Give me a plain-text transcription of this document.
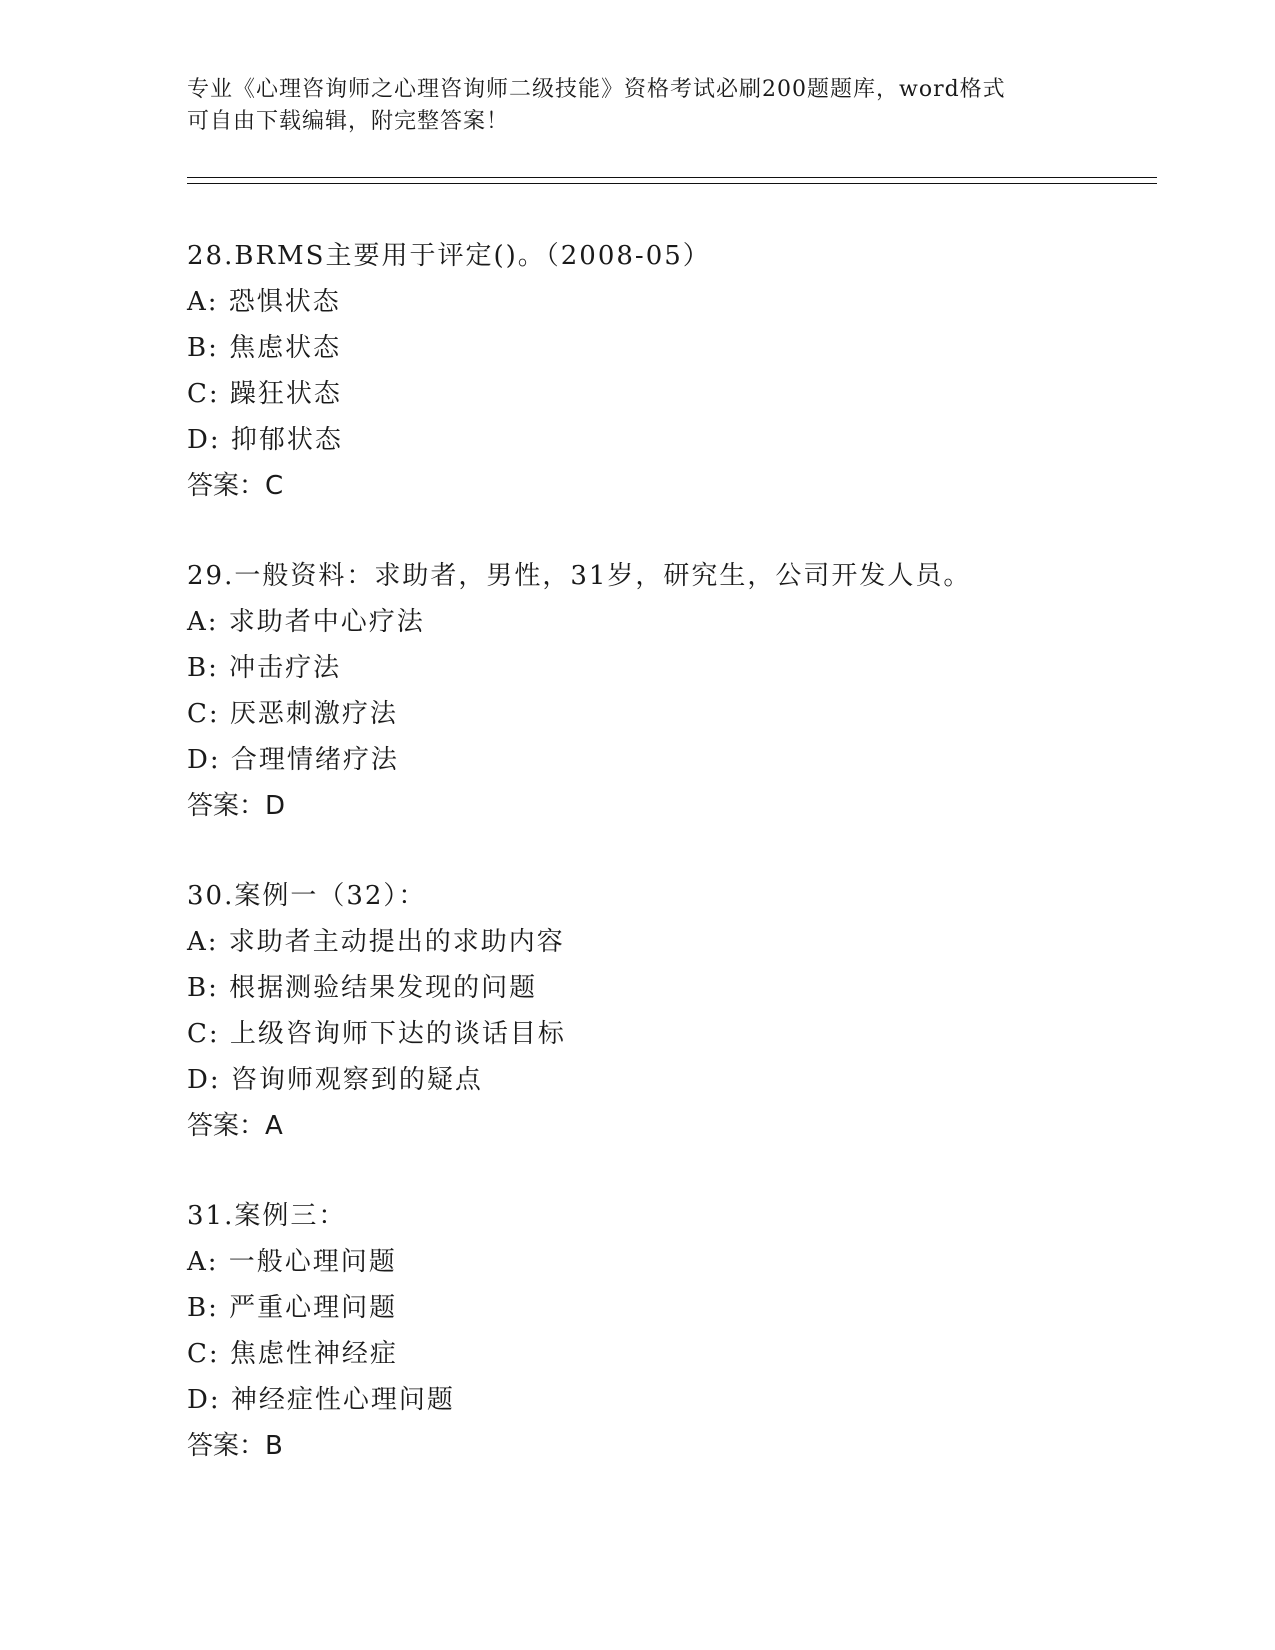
专业《心理咨询师之心理咨询师二级技能》资格考试必刷200题题库，word格式
可自由下载编辑，附完整答案！
28.BRMS主要用于评定()。（2008-05）
A: 恐惧状态
B: 焦虑状态
C: 躁狂状态
D: 抑郁状态
答案：C
29.一般资料：求助者，男性，31岁，研究生，公司开发人员。
A: 求助者中心疗法
B: 冲击疗法
C: 厌恶刺激疗法
D: 合理情绪疗法
答案：D
30.案例一（32）：
A: 求助者主动提出的求助内容
B: 根据测验结果发现的问题
C: 上级咨询师下达的谈话目标
D: 咨询师观察到的疑点
答案：A
31.案例三：
A: 一般心理问题
B: 严重心理问题
C: 焦虑性神经症
D: 神经症性心理问题
答案：B
